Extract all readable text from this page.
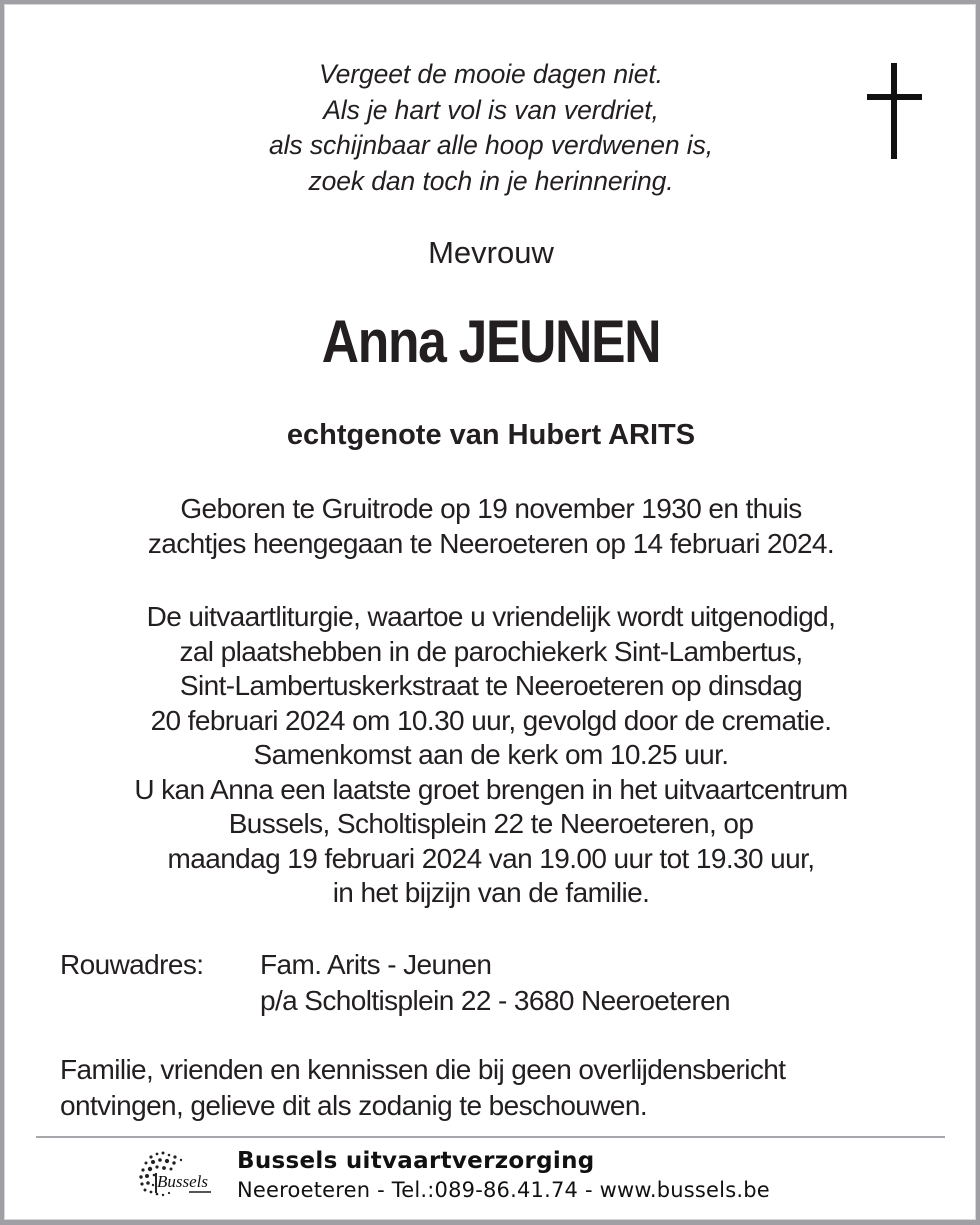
Vergeet de mooie dagen niet.
Als je hart vol is van verdriet,
als schijnbaar alle hoop verdwenen is,
zoek dan toch in je herinnering.
Mevrouw
Anna JEUNEN
echtgenote van Hubert ARITS
Geboren te Gruitrode op 19 november 1930 en thuis
zachtjes heengegaan te Neeroeteren op 14 februari 2024.
De uitvaartliturgie, waartoe u vriendelijk wordt uitgenodigd,
zal plaatshebben in de parochiekerk Sint-Lambertus,
Sint-Lambertuskerkstraat te Neeroeteren op dinsdag
20 februari 2024 om 10.30 uur, gevolgd door de crematie.
Samenkomst aan de kerk om 10.25 uur.
U kan Anna een laatste groet brengen in het uitvaartcentrum
Bussels, Scholtisplein 22 te Neeroeteren, op
maandag 19 februari 2024 van 19.00 uur tot 19.30 uur,
in het bijzijn van de familie.
Rouwadres: Fam. Arits - Jeunen
p/a Scholtisplein 22 - 3680 Neeroeteren
Familie, vrienden en kennissen die bij geen overlijdensbericht
ontvingen, gelieve dit als zodanig te beschouwen.
Bussels
Bussels uitvaartverzorging
Neeroeteren - Tel.:089-86.41.74 - www.bussels.be
